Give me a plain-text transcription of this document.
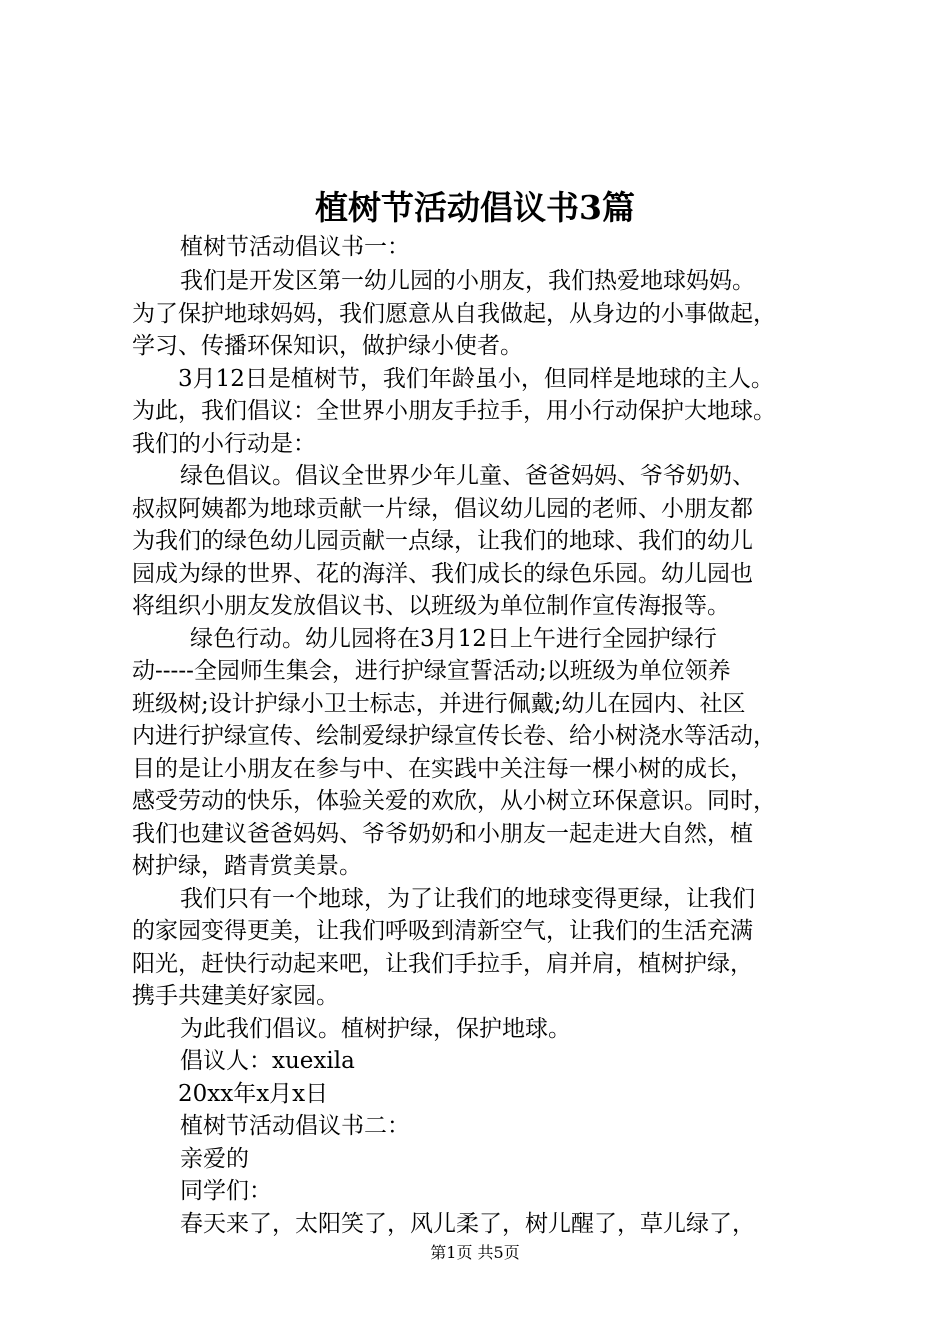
植树节活动倡议书3篇
植树节活动倡议书一：
我们是开发区第一幼儿园的小朋友，我们热爱地球妈妈。
为了保护地球妈妈，我们愿意从自我做起，从身边的小事做起，
学习、传播环保知识，做护绿小使者。
3月12日是植树节，我们年龄虽小，但同样是地球的主人。
为此，我们倡议：全世界小朋友手拉手，用小行动保护大地球。
我们的小行动是：
绿色倡议。倡议全世界少年儿童、爸爸妈妈、爷爷奶奶、
叔叔阿姨都为地球贡献一片绿，倡议幼儿园的老师、小朋友都
为我们的绿色幼儿园贡献一点绿，让我们的地球、我们的幼儿
园成为绿的世界、花的海洋、我们成长的绿色乐园。幼儿园也
将组织小朋友发放倡议书、以班级为单位制作宣传海报等。
绿色行动。幼儿园将在3月12日上午进行全园护绿行
动-----全园师生集会，进行护绿宣誓活动;以班级为单位领养
班级树;设计护绿小卫士标志，并进行佩戴;幼儿在园内、社区
内进行护绿宣传、绘制爱绿护绿宣传长卷、给小树浇水等活动，
目的是让小朋友在参与中、在实践中关注每一棵小树的成长，
感受劳动的快乐，体验关爱的欢欣，从小树立环保意识。同时，
我们也建议爸爸妈妈、爷爷奶奶和小朋友一起走进大自然，植
树护绿，踏青赏美景。
我们只有一个地球，为了让我们的地球变得更绿，让我们
的家园变得更美，让我们呼吸到清新空气，让我们的生活充满
阳光，赶快行动起来吧，让我们手拉手，肩并肩，植树护绿，
携手共建美好家园。
为此我们倡议。植树护绿，保护地球。
倡议人：xuexila
20xx年x月x日
植树节活动倡议书二：
亲爱的
同学们：
春天来了，太阳笑了，风儿柔了，树儿醒了，草儿绿了，
第1页 共5页
